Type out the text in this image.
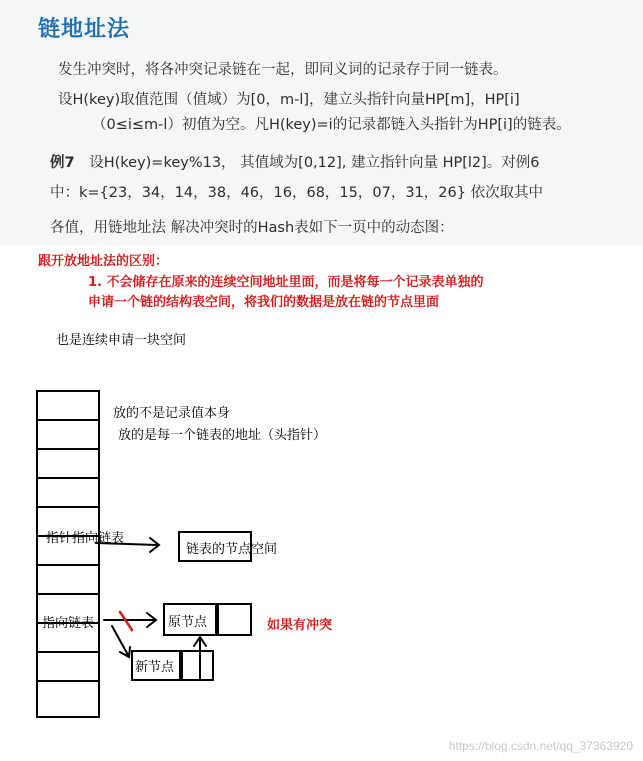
链地址法
发生冲突时，将各冲突记录链在一起，即同义词的记录存于同一链表。
设H(key)取值范围（值域）为[0，m-l]，建立头指针向量HP[m]，HP[i]
（0≤i≤m-l）初值为空。凡H(key)=i的记录都链入头指针为HP[i]的链表。
例7 设H(key)=key%13， 其值域为[0,12], 建立指针向量 HP[l2]。对例6
中：k={23，34，14，38，46，16，68，15，07，31，26} 依次取其中
各值，用链地址法 解决冲突时的Hash表如下一页中的动态图：
跟开放地址法的区别：
1. 不会储存在原来的连续空间地址里面，而是将每一个记录表单独的
申请一个链的结构表空间，将我们的数据是放在链的节点里面
也是连续申请一块空间
放的不是记录值本身
放的是每一个链表的地址（头指针）
指针指向链表
指向链表
链表的节点空间
原节点	如果有冲突
新节点
https://blog.csdn.net/qq_37363920
